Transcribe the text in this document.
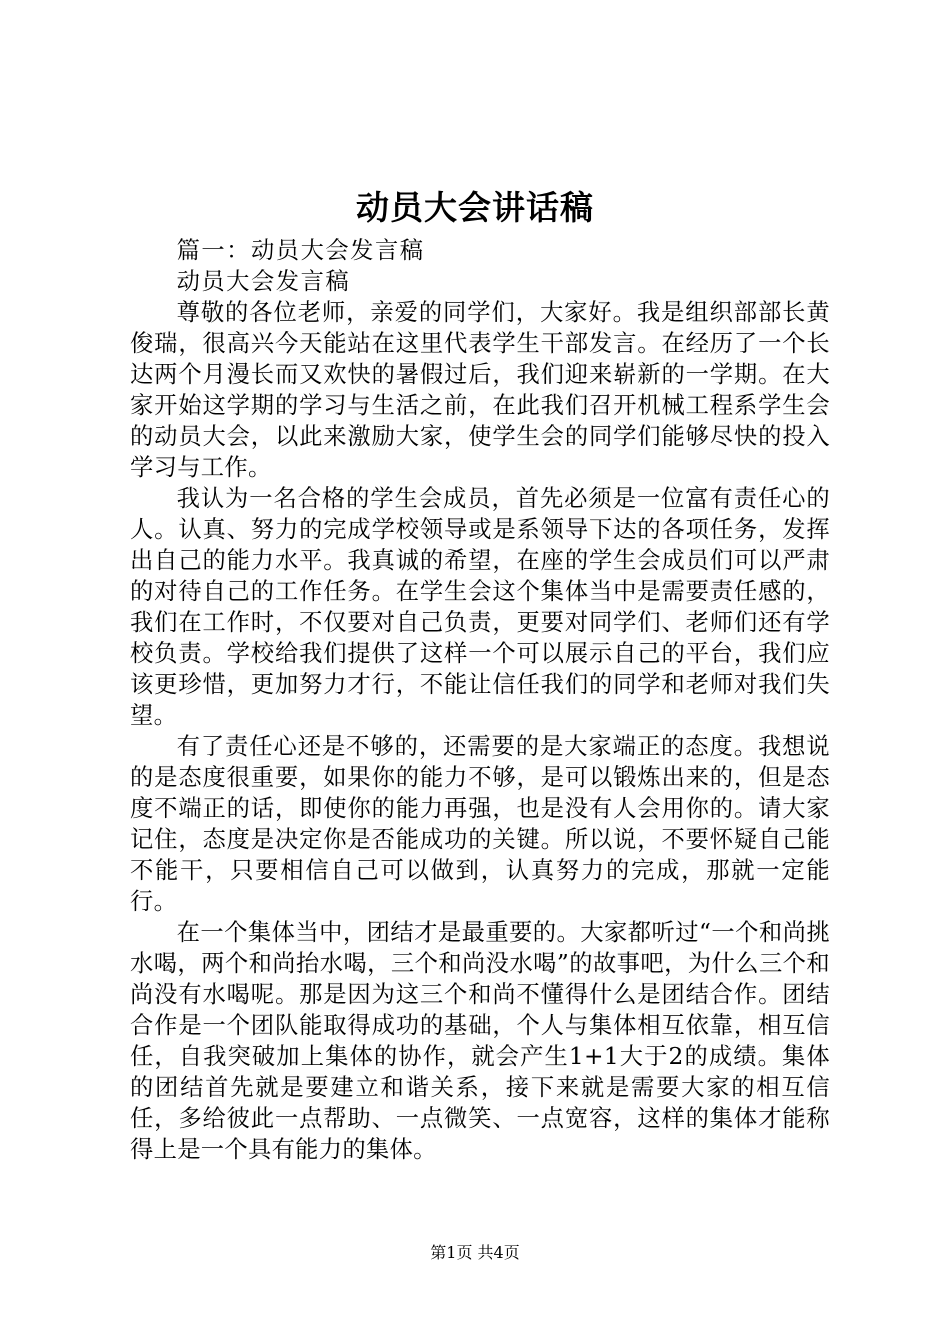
动员大会讲话稿

篇一：动员大会发言稿

动员大会发言稿

尊敬的各位老师，亲爱的同学们，大家好。我是组织部部长黄俊瑞，很高兴今天能站在这里代表学生干部发言。在经历了一个长达两个月漫长而又欢快的暑假过后，我们迎来崭新的一学期。在大家开始这学期的学习与生活之前，在此我们召开机械工程系学生会的动员大会，以此来激励大家，使学生会的同学们能够尽快的投入学习与工作。

我认为一名合格的学生会成员，首先必须是一位富有责任心的人。认真、努力的完成学校领导或是系领导下达的各项任务，发挥出自己的能力水平。我真诚的希望，在座的学生会成员们可以严肃的对待自己的工作任务。在学生会这个集体当中是需要责任感的，我们在工作时，不仅要对自己负责，更要对同学们、老师们还有学校负责。学校给我们提供了这样一个可以展示自己的平台，我们应该更珍惜，更加努力才行，不能让信任我们的同学和老师对我们失望。

有了责任心还是不够的，还需要的是大家端正的态度。我想说的是态度很重要，如果你的能力不够，是可以锻炼出来的，但是态度不端正的话，即使你的能力再强，也是没有人会用你的。请大家记住，态度是决定你是否能成功的关键。所以说，不要怀疑自己能不能干，只要相信自己可以做到，认真努力的完成，那就一定能行。

在一个集体当中，团结才是最重要的。大家都听过“一个和尚挑水喝，两个和尚抬水喝，三个和尚没水喝”的故事吧，为什么三个和尚没有水喝呢。那是因为这三个和尚不懂得什么是团结合作。团结合作是一个团队能取得成功的基础，个人与集体相互依靠，相互信任，自我突破加上集体的协作，就会产生1+1大于2的成绩。集体的团结首先就是要建立和谐关系，接下来就是需要大家的相互信任，多给彼此一点帮助、一点微笑、一点宽容，这样的集体才能称得上是一个具有能力的集体。

第1页 共4页
